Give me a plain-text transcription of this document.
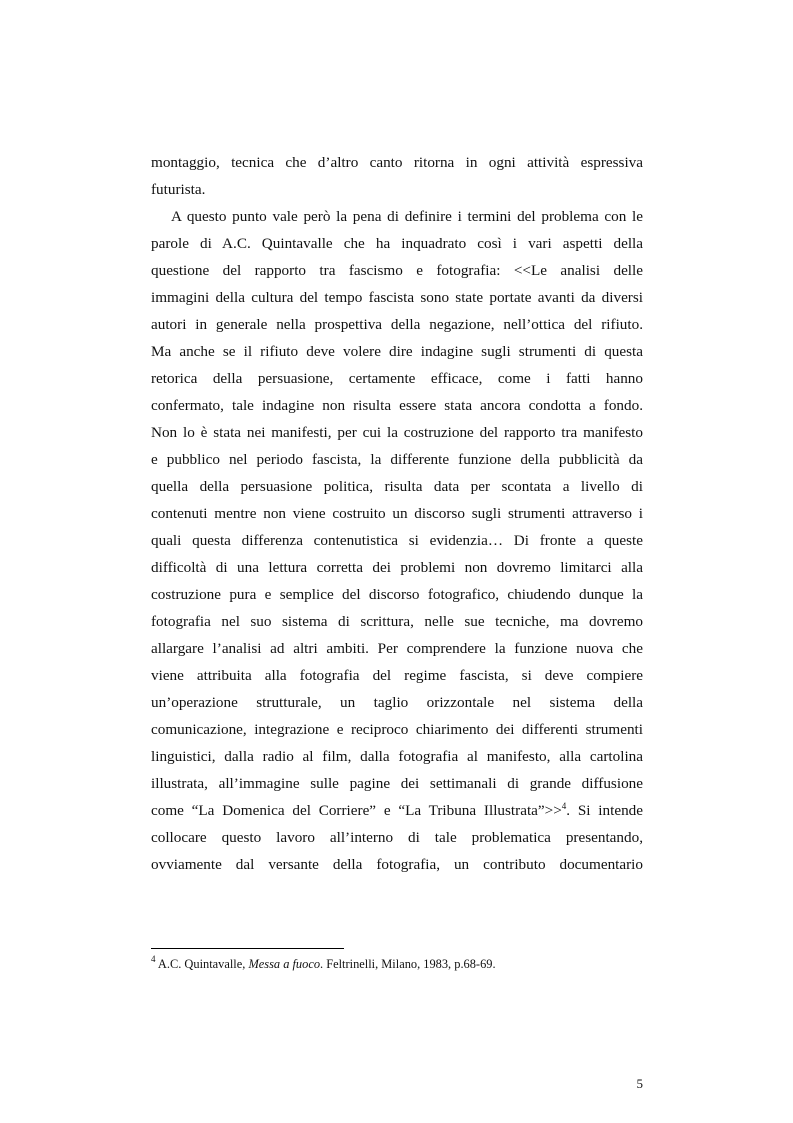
montaggio, tecnica che d’altro canto ritorna in ogni attività espressiva

futurista.

A questo punto vale però la pena di definire i termini del problema con le

parole di A.C. Quintavalle che ha inquadrato così i vari aspetti della

questione del rapporto tra fascismo e fotografia: <<Le analisi delle

immagini della cultura del tempo fascista sono state portate avanti da diversi

autori in generale nella prospettiva della negazione, nell’ottica del rifiuto.

Ma anche se il rifiuto deve volere dire indagine sugli strumenti di questa

retorica della persuasione, certamente efficace, come i fatti hanno

confermato, tale indagine non risulta essere stata ancora condotta a fondo.

Non lo è stata nei manifesti, per cui la costruzione del rapporto tra manifesto

e pubblico nel periodo fascista, la differente funzione della pubblicità da

quella della persuasione politica, risulta data per scontata a livello di

contenuti mentre non viene costruito un discorso sugli strumenti attraverso i

quali questa differenza contenutistica si evidenzia… Di fronte a queste

difficoltà di una lettura corretta dei problemi non dovremo limitarci alla

costruzione pura e semplice del discorso fotografico, chiudendo dunque la

fotografia nel suo sistema di scrittura, nelle sue tecniche, ma dovremo

allargare l’analisi ad altri ambiti. Per comprendere la funzione nuova che

viene attribuita alla fotografia del regime fascista, si deve compiere

un’operazione strutturale, un taglio orizzontale nel sistema della

comunicazione, integrazione e reciproco chiarimento dei differenti strumenti

linguistici, dalla radio al film, dalla fotografia al manifesto, alla cartolina

illustrata, all’immagine sulle pagine dei settimanali di grande diffusione

come “La Domenica del Corriere” e “La Tribuna Illustrata”>>$^4$. Si intende

collocare questo lavoro all’interno di tale problematica presentando,

ovviamente dal versante della fotografia, un contributo documentario

$^4$ A.C. Quintavalle, Messa a fuoco. Feltrinelli, Milano, 1983, p.68-69.

5
